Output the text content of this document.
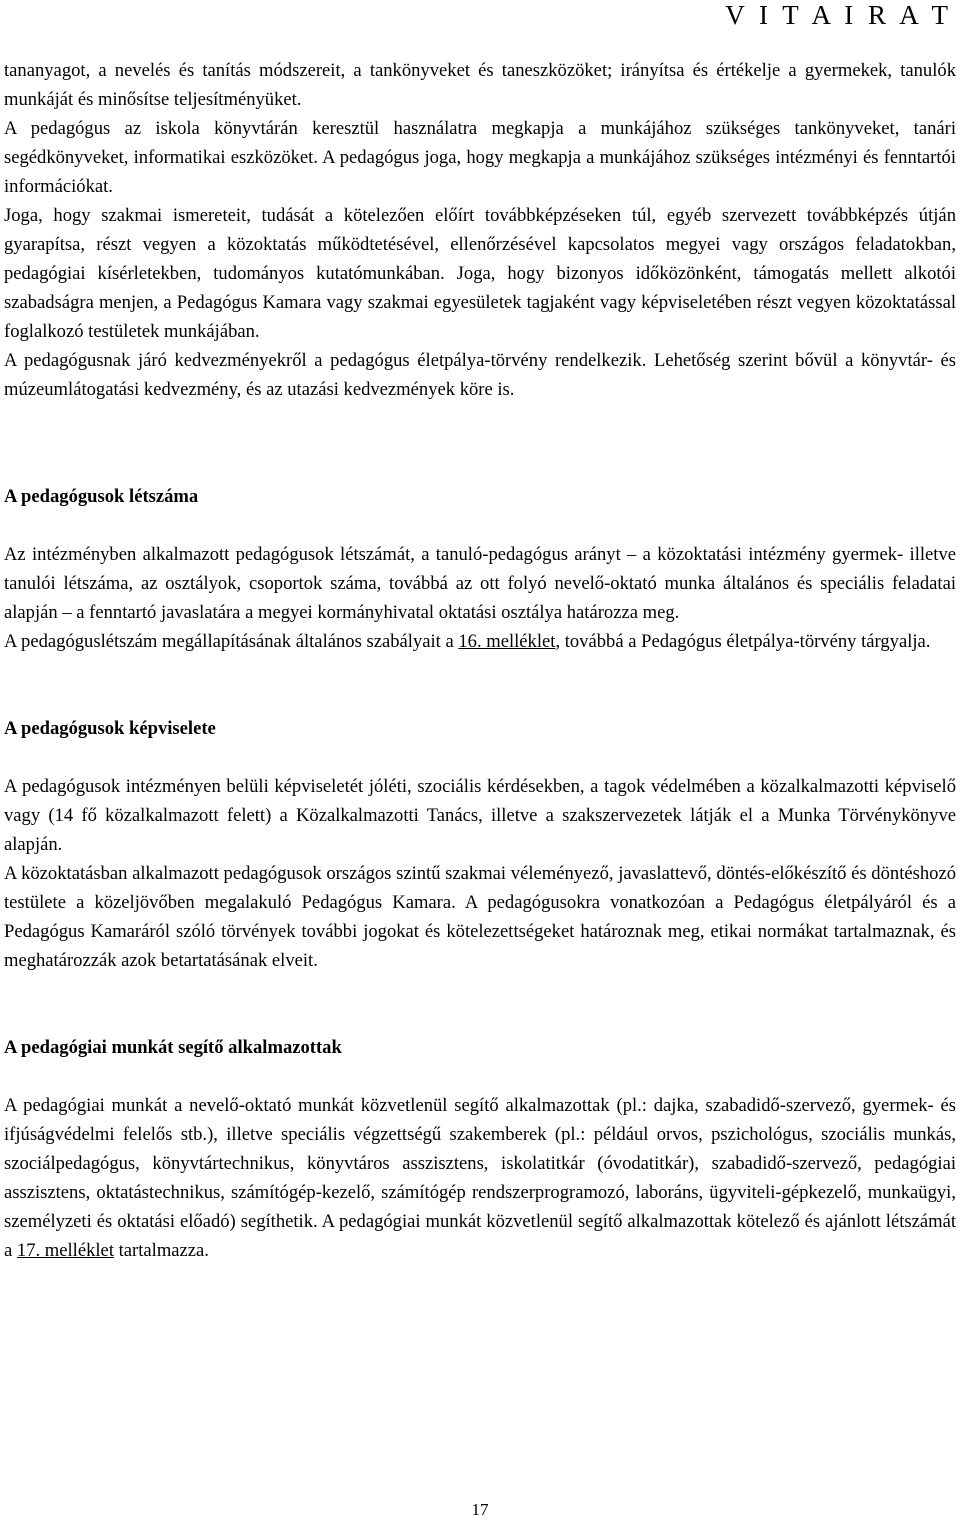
V I T A I R A T

tananyagot, a nevelés és tanítás módszereit, a tankönyveket és taneszközöket; irányítsa és értékelje a gyermekek, tanulók munkáját és minősítse teljesítményüket.

A pedagógus az iskola könyvtárán keresztül használatra megkapja a munkájához szükséges tankönyveket, tanári segédkönyveket, informatikai eszközöket. A pedagógus joga, hogy megkapja a munkájához szükséges intézményi és fenntartói információkat.

Joga, hogy szakmai ismereteit, tudását a kötelezően előírt továbbképzéseken túl, egyéb szervezett továbbképzés útján gyarapítsa, részt vegyen a közoktatás működtetésével, ellenőrzésével kapcsolatos megyei vagy országos feladatokban, pedagógiai kísérletekben, tudományos kutatómunkában. Joga, hogy bizonyos időközönként, támogatás mellett alkotói szabadságra menjen, a Pedagógus Kamara vagy szakmai egyesületek tagjaként vagy képviseletében részt vegyen közoktatással foglalkozó testületek munkájában.

A pedagógusnak járó kedvezményekről a pedagógus életpálya-törvény rendelkezik. Lehetőség szerint bővül a könyvtár- és múzeumlátogatási kedvezmény, és az utazási kedvezmények köre is.

A pedagógusok létszáma

Az intézményben alkalmazott pedagógusok létszámát, a tanuló-pedagógus arányt – a közoktatási intézmény gyermek- illetve tanulói létszáma, az osztályok, csoportok száma, továbbá az ott folyó nevelő-oktató munka általános és speciális feladatai alapján – a fenntartó javaslatára a megyei kormányhivatal oktatási osztálya határozza meg.

A pedagóguslétszám megállapításának általános szabályait a 16. melléklet, továbbá a Pedagógus életpálya-törvény tárgyalja.

A pedagógusok képviselete

A pedagógusok intézményen belüli képviseletét jóléti, szociális kérdésekben, a tagok védelmében a közalkalmazotti képviselő vagy (14 fő közalkalmazott felett) a Közalkalmazotti Tanács, illetve a szakszervezetek látják el a Munka Törvénykönyve alapján.

A közoktatásban alkalmazott pedagógusok országos szintű szakmai véleményező, javaslattevő, döntés-előkészítő és döntéshozó testülete a közeljövőben megalakuló Pedagógus Kamara. A pedagógusokra vonatkozóan a Pedagógus életpályáról és a Pedagógus Kamaráról szóló törvények további jogokat és kötelezettségeket határoznak meg, etikai normákat tartalmaznak, és meghatározzák azok betartatásának elveit.

A pedagógiai munkát segítő alkalmazottak

A pedagógiai munkát a nevelő-oktató munkát közvetlenül segítő alkalmazottak (pl.: dajka, szabadidő-szervező, gyermek- és ifjúságvédelmi felelős stb.), illetve speciális végzettségű szakemberek (pl.: például orvos, pszichológus, szociális munkás, szociálpedagógus, könyvtártechnikus, könyvtáros asszisztens, iskolatitkár (óvodatitkár), szabadidő-szervező, pedagógiai asszisztens, oktatástechnikus, számítógép-kezelő, számítógép rendszerprogramozó, laboráns, ügyviteli-gépkezelő, munkaügyi, személyzeti és oktatási előadó) segíthetik. A pedagógiai munkát közvetlenül segítő alkalmazottak kötelező és ajánlott létszámát a 17. melléklet tartalmazza.

17
